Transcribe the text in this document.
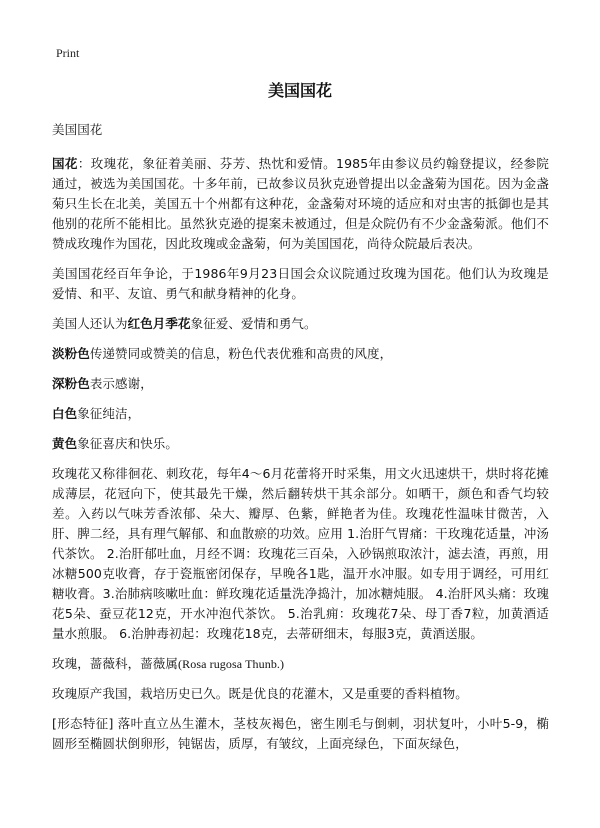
Print
美国国花

美国国花

国花：玫瑰花，象征着美丽、芬芳、热忱和爱情。1985年由参议员约翰登提议，经参院通过，被选为美国国花。十多年前，已故参议员狄克逊曾提出以金盏菊为国花。因为金盏菊只生长在北美，美国五十个州都有这种花，金盏菊对环境的适应和对虫害的抵御也是其他别的花所不能相比。虽然狄克逊的提案未被通过，但是众院仍有不少金盏菊派。他们不赞成玫瑰作为国花，因此玫瑰或金盏菊，何为美国国花，尚待众院最后表决。

美国国花经百年争论，于1986年9月23日国会众议院通过玫瑰为国花。他们认为玫瑰是爱情、和平、友谊、勇气和献身精神的化身。

美国人还认为红色月季花象征爱、爱情和勇气。

淡粉色传递赞同或赞美的信息，粉色代表优雅和高贵的风度，

深粉色表示感谢，

白色象征纯洁，

黄色象征喜庆和快乐。

玫瑰花又称徘徊花、刺玫花，每年4～6月花蕾将开时采集，用文火迅速烘干，烘时将花摊成薄层，花冠向下，使其最先干燥，然后翻转烘干其余部分。如晒干，颜色和香气均较差。入药以气味芳香浓郁、朵大、瓣厚、色紫，鲜艳者为佳。玫瑰花性温味甘微苦，入肝、脾二经，具有理气解郁、和血散瘀的功效。应用 1.治肝气胃痛：干玫瑰花适量，冲汤代茶饮。 2.治肝郁吐血，月经不调：玫瑰花三百朵，入砂锅煎取浓汁，滤去渣，再煎，用冰糖500克收膏，存于瓷瓶密闭保存，早晚各1匙，温开水冲服。如专用于调经，可用红糖收膏。3.治肺病咳嗽吐血：鲜玫瑰花适量洗净捣汁，加冰糖炖服。 4.治肝风头痛：玫瑰花5朵、蚕豆花12克，开水冲泡代茶饮。 5.治乳痈：玫瑰花7朵、母丁香7粒，加黄酒适量水煎服。 6.治肿毒初起：玫瑰花18克，去蒂研细末，每服3克，黄酒送服。

玫瑰，蔷薇科，蔷薇属(Rosa rugosa Thunb.)

玫瑰原产我国，栽培历史已久。既是优良的花灌木，又是重要的香料植物。

[形态特征] 落叶直立丛生灌木，茎枝灰褐色，密生刚毛与倒刺，羽状复叶，小叶5-9，椭圆形至椭圆状倒卵形，钝锯齿，质厚，有皱纹，上面亮绿色，下面灰绿色，
